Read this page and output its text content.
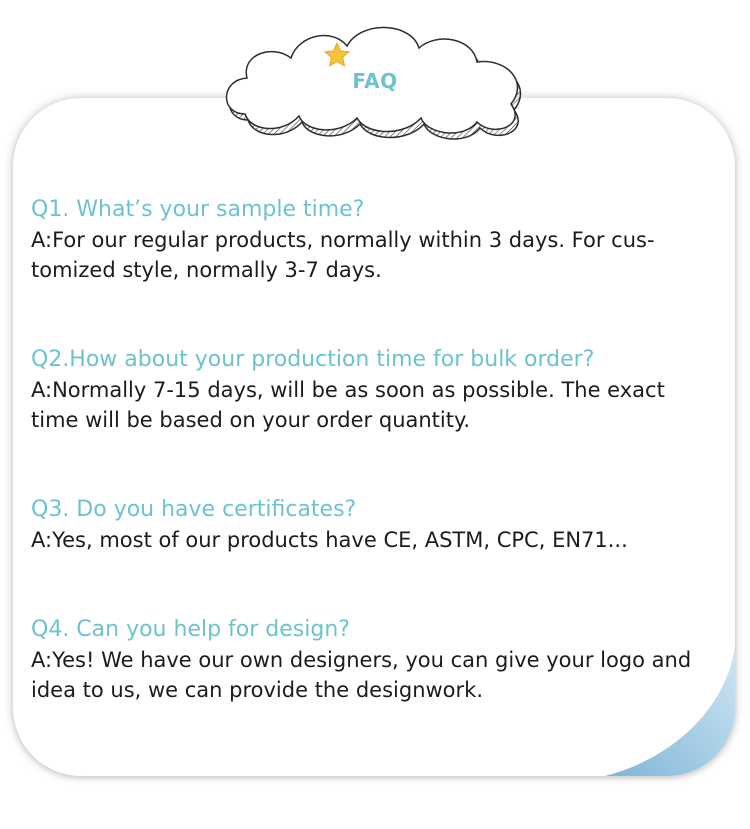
FAQ
Q1. What’s your sample time?
A:For our regular products, normally within 3 days. For cus-
tomized style, normally 3-7 days.
Q2.How about your production time for bulk order?
A:Normally 7-15 days, will be as soon as possible. The exact
time will be based on your order quantity.
Q3. Do you have certificates?
A:Yes, most of our products have CE, ASTM, CPC, EN71...
Q4. Can you help for design?
A:Yes! We have our own designers, you can give your logo and
idea to us, we can provide the designwork.
